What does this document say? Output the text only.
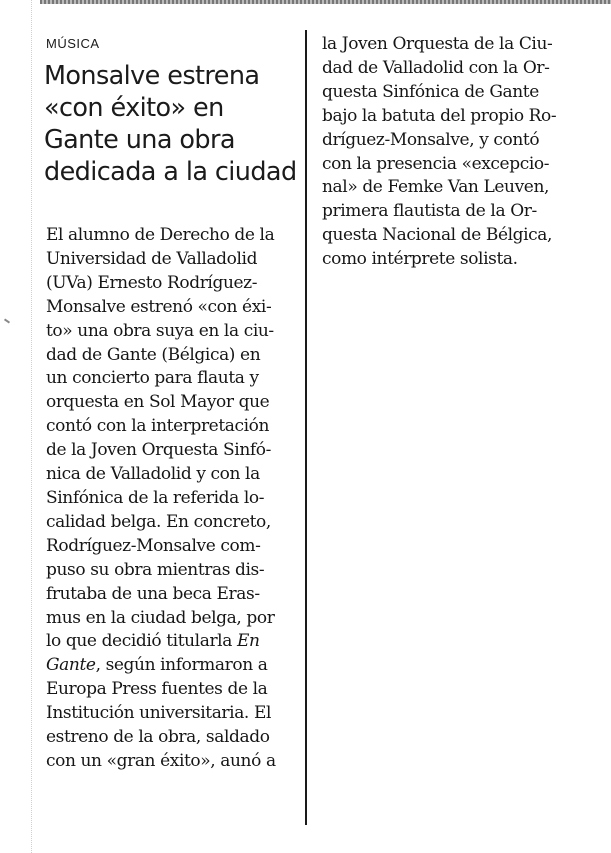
MÚSICA

Monsalve estrena
«con éxito» en
Gante una obra
dedicada a la ciudad
El alumno de Derecho de la
Universidad de Valladolid
(UVa) Ernesto Rodríguez-
Monsalve estrenó «con éxi-
to» una obra suya en la ciu-
dad de Gante (Bélgica) en
un concierto para flauta y
orquesta en Sol Mayor que
contó con la interpretación
de la Joven Orquesta Sinfó-
nica de Valladolid y con la
Sinfónica de la referida lo-
calidad belga. En concreto,
Rodríguez-Monsalve com-
puso su obra mientras dis-
frutaba de una beca Eras-
mus en la ciudad belga, por
lo que decidió titularla En
Gante, según informaron a
Europa Press fuentes de la
Institución universitaria. El
estreno de la obra, saldado
con un «gran éxito», aunó a
la Joven Orquesta de la Ciu-
dad de Valladolid con la Or-
questa Sinfónica de Gante
bajo la batuta del propio Ro-
dríguez-Monsalve, y contó
con la presencia «excepcio-
nal» de Femke Van Leuven,
primera flautista de la Or-
questa Nacional de Bélgica,
como intérprete solista.
